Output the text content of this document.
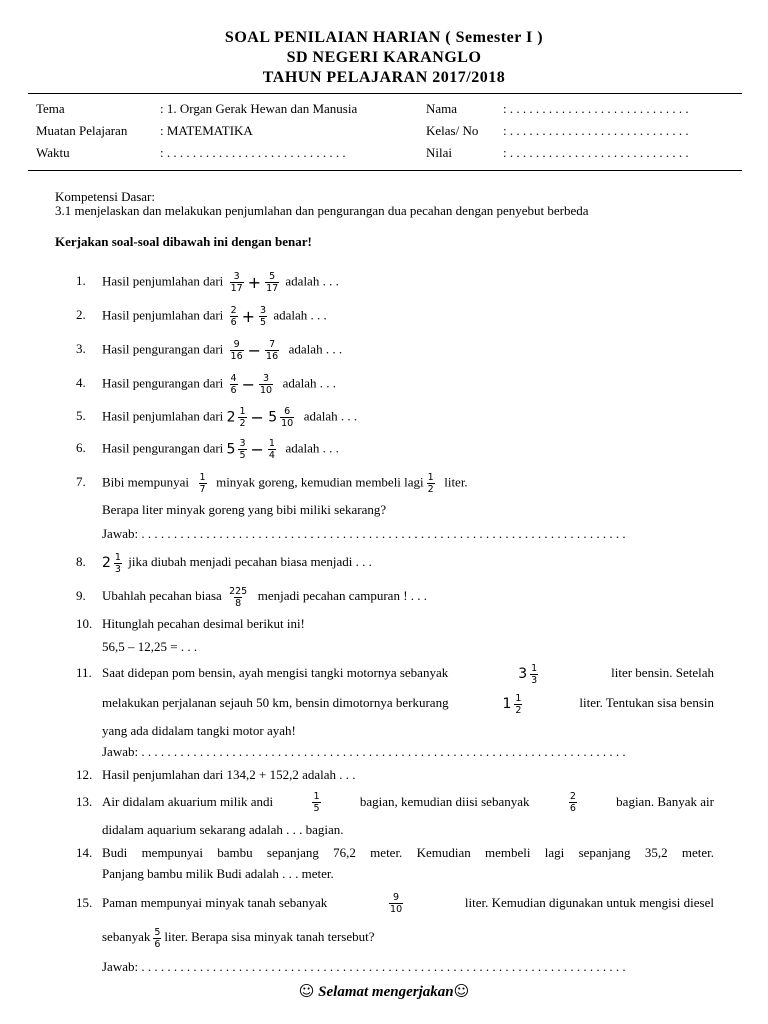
SOAL PENILAIAN HARIAN ( Semester I )
SD NEGERI KARANGLO
TAHUN PELAJARAN 2017/2018
Tema	: 1. Organ Gerak Hewan dan Manusia
Muatan Pelajaran	: MATEMATIKA
Waktu	: . . . . . . . . . . . . . . . . . . . . . . . . . . . .
Nama	: . . . . . . . . . . . . . . . . . . . . . . . . . . . .
Kelas/ No : . . . . . . . . . . . . . . . . . . . . . . . . . . . .
Nilai	: . . . . . . . . . . . . . . . . . . . . . . . . . . . .
Kompetensi Dasar:
3.1 menjelaskan dan melakukan penjumlahan dan pengurangan dua pecahan dengan penyebut berbeda
Kerjakan soal-soal dibawah ini dengan benar!
1. Hasil penjumlahan dari $\frac{3}{17} + \frac{5}{17}$ adalah . . .
2. Hasil penjumlahan dari $\frac{2}{6} + \frac{3}{5}$ adalah . . .
3. Hasil pengurangan dari $\frac{9}{16} - \frac{7}{16}$ adalah . . .
4. Hasil pengurangan dari $\frac{4}{6} - \frac{3}{10}$ adalah . . .
5. Hasil penjumlahan dari $2 \frac{1}{2} - 5 \frac{6}{10}$ adalah . . .
6. Hasil pengurangan dari $5 \frac{3}{5} - \frac{1}{4}$ adalah . . .
7. Bibi mempunyai $\frac{1}{7}$ minyak goreng, kemudian membeli lagi $\frac{1}{2}$ liter.
Berapa liter minyak goreng yang bibi miliki sekarang?
Jawab: . . . . . . . . . . . . . . . . . . . . . . . . . . . . . . . . . . . . . . . . . . . . . . . . . . . . . . . . . . . . . . . . . . . . . . . . . . .
8. $2 \frac{1}{3}$ jika diubah menjadi pecahan biasa menjadi . . .
9. Ubahlah pecahan biasa $\frac{225}{8}$ menjadi pecahan campuran ! . . .
10. Hitunglah pecahan desimal berikut ini!
56,5 – 12,25 = . . .
11. Saat didepan pom bensin, ayah mengisi tangki motornya sebanyak	$3 \frac{1}{3}$	liter bensin. Setelah
melakukan perjalanan sejauh 50 km, bensin dimotornya berkurang	$1 \frac{1}{2}$	liter. Tentukan sisa bensin
yang ada didalam tangki motor ayah!
Jawab: . . . . . . . . . . . . . . . . . . . . . . . . . . . . . . . . . . . . . . . . . . . . . . . . . . . . . . . . . . . . . . . . . . . . . . . . . . .
12. Hasil penjumlahan dari 134,2 + 152,2 adalah . . .
13. Air didalam akuarium milik andi	$\frac{1}{5}$	bagian, kemudian diisi sebanyak	$\frac{2}{6}$	bagian. Banyak air
didalam aquarium sekarang adalah . . . bagian.
14. Budi mempunyai bambu sepanjang 76,2 meter. Kemudian membeli lagi sepanjang 35,2 meter.
Panjang bambu milik Budi adalah . . . meter.
15. Paman mempunyai minyak tanah sebanyak	$\frac{9}{10}$	liter. Kemudian digunakan untuk mengisi diesel
sebanyak $\frac{5}{6}$ liter. Berapa sisa minyak tanah tersebut?
Jawab: . . . . . . . . . . . . . . . . . . . . . . . . . . . . . . . . . . . . . . . . . . . . . . . . . . . . . . . . . . . . . . . . . . . . . . . . . . .
☺ Selamat mengerjakan☺
